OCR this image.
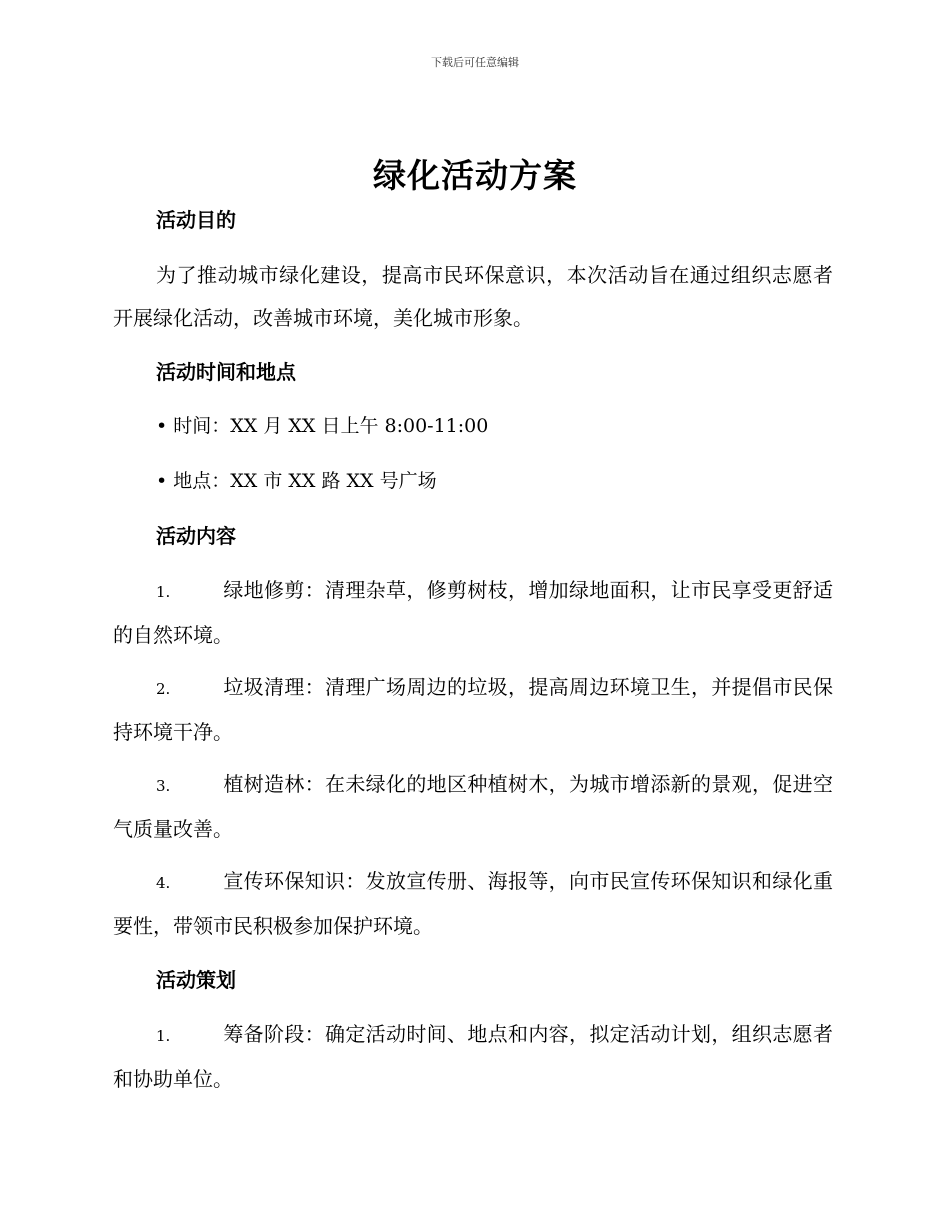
下载后可任意编辑
绿化活动方案
活动目的
为了推动城市绿化建设，提高市民环保意识，本次活动旨在通过组织志愿者开展绿化活动，改善城市环境，美化城市形象。
活动时间和地点
• 时间：XX 月 XX 日上午 8:00-11:00
• 地点：XX 市 XX 路 XX 号广场
活动内容
1.	绿地修剪：清理杂草，修剪树枝，增加绿地面积，让市民享受更舒适的自然环境。
2.	垃圾清理：清理广场周边的垃圾，提高周边环境卫生，并提倡市民保持环境干净。
3.	植树造林：在未绿化的地区种植树木，为城市增添新的景观，促进空气质量改善。
4.	宣传环保知识：发放宣传册、海报等，向市民宣传环保知识和绿化重要性，带领市民积极参加保护环境。
活动策划
1.	筹备阶段：确定活动时间、地点和内容，拟定活动计划，组织志愿者和协助单位。
